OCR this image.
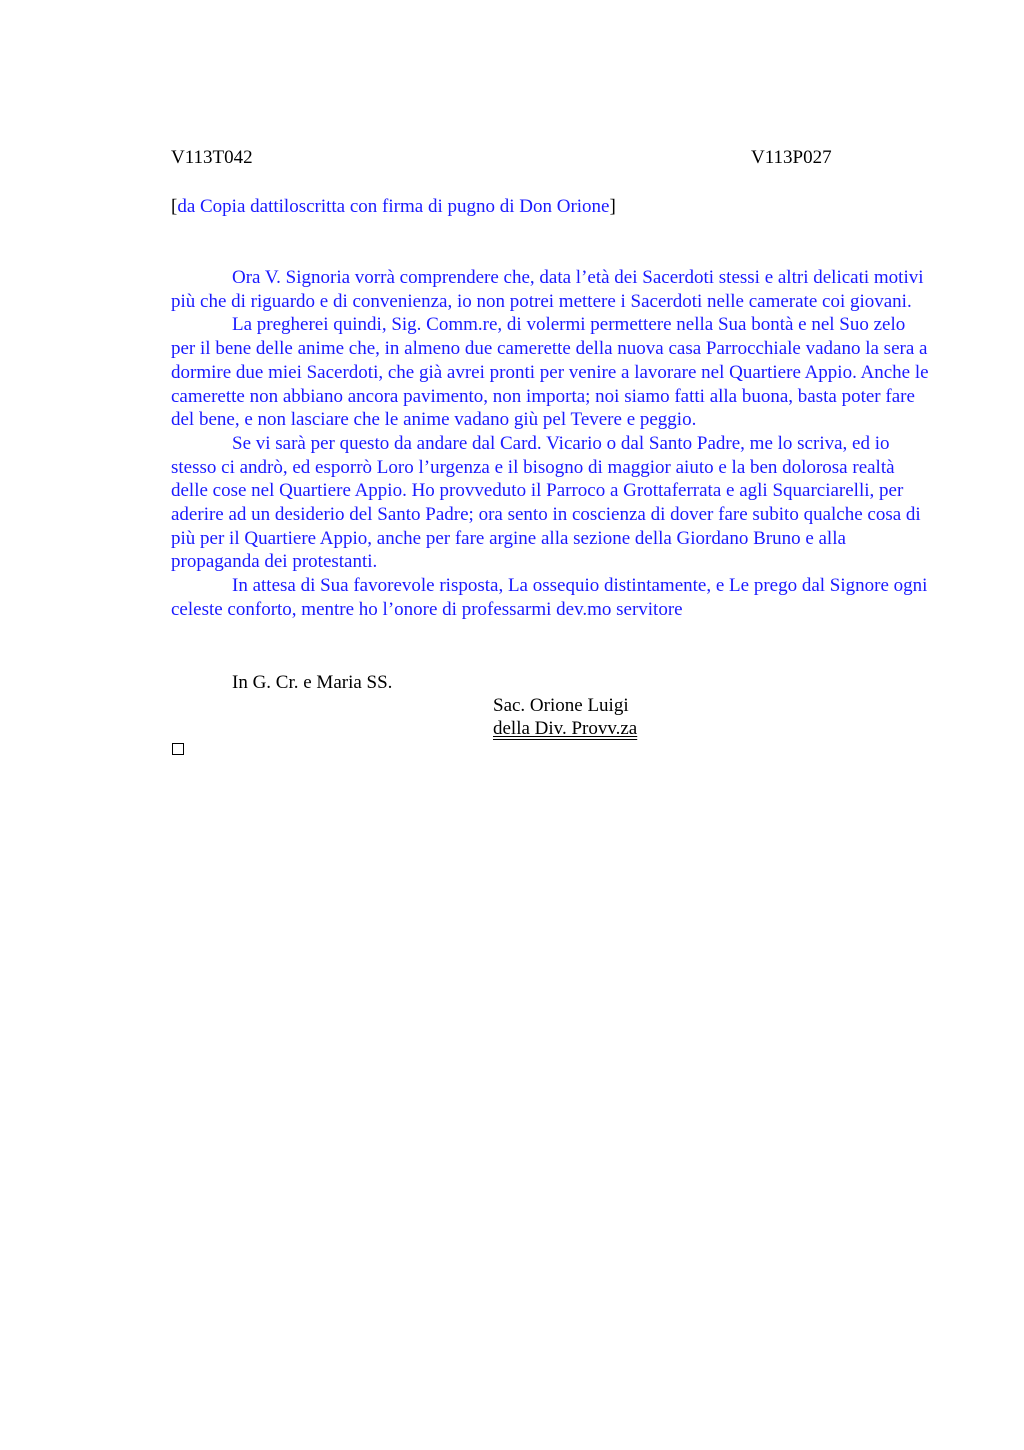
V113T042	V113P027
[da Copia dattiloscritta con firma di pugno di Don Orione]

Ora V. Signoria vorrà comprendere che, data l’età dei Sacerdoti stessi e altri delicati motivi più che di riguardo e di convenienza, io non potrei mettere i Sacerdoti nelle camerate coi giovani.

La pregherei quindi, Sig. Comm.re, di volermi permettere nella Sua bontà e nel Suo zelo per il bene delle anime che, in almeno due camerette della nuova casa Parrocchiale vadano la sera a dormire due miei Sacerdoti, che già avrei pronti per venire a lavorare nel Quartiere Appio. Anche le camerette non abbiano ancora pavimento, non importa; noi siamo fatti alla buona, basta poter fare del bene, e non lasciare che le anime vadano giù pel Tevere e peggio.

Se vi sarà per questo da andare dal Card. Vicario o dal Santo Padre, me lo scriva, ed io stesso ci andrò, ed esporrò Loro l’urgenza e il bisogno di maggior aiuto e la ben dolorosa realtà delle cose nel Quartiere Appio. Ho provveduto il Parroco a Grottaferrata e agli Squarciarelli, per aderire ad un desiderio del Santo Padre; ora sento in coscienza di dover fare subito qualche cosa di più per il Quartiere Appio, anche per fare argine alla sezione della Giordano Bruno e alla propaganda dei protestanti.

In attesa di Sua favorevole risposta, La ossequio distintamente, e Le prego dal Signore ogni celeste conforto, mentre ho l’onore di professarmi dev.mo servitore

In G. Cr. e Maria SS.
Sac. Orione Luigi
della Div. Provv.za
